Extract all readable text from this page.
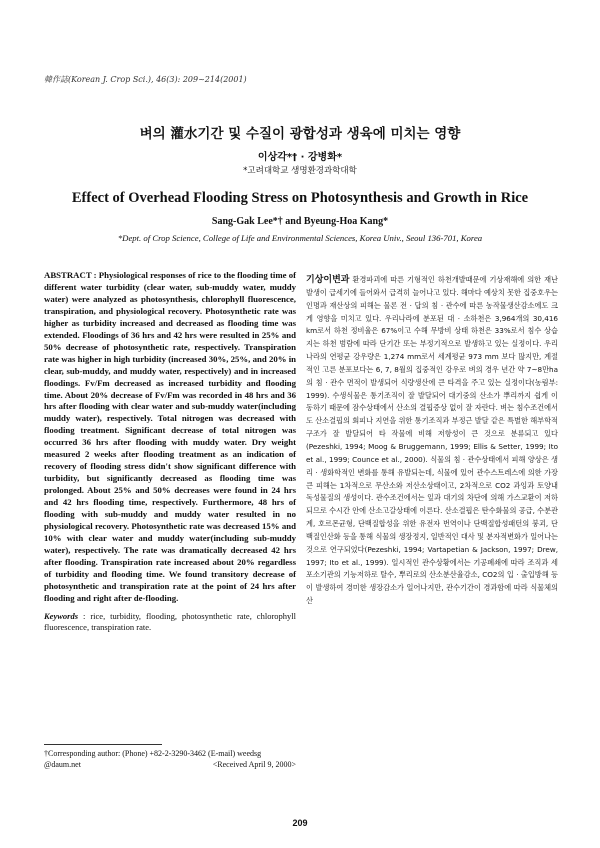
韓作誌(Korean J. Crop Sci.), 46(3): 209~214(2001)
벼의 灌水기간 및 수질이 광합성과 생육에 미치는 영향
이상각*† · 강병화*
*고려대학교 생명환경과학대학
Effect of Overhead Flooding Stress on Photosynthesis and Growth in Rice
Sang-Gak Lee*† and Byeung-Hoa Kang*
*Dept. of Crop Science, College of Life and Environmental Sciences, Korea Univ., Seoul 136-701, Korea

ABSTRACT : Physiological responses of rice to the flooding time of different water turbidity (clear water, sub-muddy water, muddy water) were analyzed as photosynthesis, chlorophyll fluorescence, transpiration, and physiological recovery. Photosynthetic rate was higher as turbidity increased and decreased as flooding time was extended. Floodings of 36 hrs and 42 hrs were resulted in 25% and 50% decrease of photosynthetic rate, respectively. Transpiration rate was higher in high turbidity (increased 30%, 25%, and 20% in clear, sub-muddy, and muddy water, respectively) and in increased floodings. Fv/Fm decreased as increased turbidity and flooding time. About 20% decrease of Fv/Fm was recorded in 48 hrs and 36 hrs after flooding with clear water and sub-muddy water(including muddy water), respectively. Total nitrogen was decreased with flooding treatment. Significant decrease of total nitrogen was occurred 36 hrs after flooding with muddy water. Dry weight measured 2 weeks after flooding treatment as an indication of recovery of flooding stress didn't show significant difference with turbidity, but significantly decreased as flooding time was prolonged. About 25% and 50% decreases were found in 24 hrs and 42 hrs flooding time, respectively. Furthermore, 48 hrs of flooding with sub-muddy and muddy water resulted in no physiological recovery. Photosynthetic rate was decreased 15% and 10% with clear water and muddy water(including sub-muddy water), respectively. The rate was dramatically decreased 42 hrs after flooding. Transpiration rate increased about 20% regardless of turbidity and flooding time. We found transitory decrease of photosynthetic and transpiration rate at the point of 24 hrs after flooding and right after de-flooding.

Keywords : rice, turbidity, flooding, photosynthetic rate, chlorophyll fluorescence, transpiration rate.

†Corresponding author: (Phone) +82-2-3290-3462 (E-mail) weedsg
@daum.net	<Received April 9, 2000>

기상이변과 환경파괴에 따른 기형적인 하천개발때문에 기상재해에 의한 재난 발생이 급세기에 들어와서 급격히 늘어나고 있다. 해마다 예상치 못한 집중호우는 인명과 재산상의 피해는 물론 전 · 답의 침 · 관수에 따른 농작물생산감소에도 크게 영향을 미치고 있다. 우리나라에 분포된 대 · 소하천은 3,964개의 30,416 km로서 하천 정비율은 67%이고 수해 무방비 상태 하천은 33%로서 침수 상습지는 하천 범람에 따라 단기간 또는 부정기적으로 발생하고 있는 실정이다. 우리나라의 연평균 강우량은 1,274 mm로서 세계평균 973 mm 보다 많지만, 계절적인 고른 분포보다는 6, 7, 8월의 집중적인 강우로 벼의 경우 년간 약 7~8만ha의 침 · 관수 면적이 발생되어 식량생산에 큰 타격을 주고 있는 실정이다(농림부: 1999). 수생식물은 통기조직이 잘 발달되어 대기중의 산소가 뿌리까지 쉽게 이동하기 때문에 잠수상태에서 산소의 결핍증상 없이 잘 자란다. 벼는 침수조건에서도 산소결핍의 회피나 지연을 위한 통기조직과 부정근 발달 같은 특별한 해부학적 구조가 잘 발달되어 타 작물에 비해 저항성이 큰 것으로 분류되고 있다(Pezeshki, 1994; Moog & Bruggemann, 1999; Ellis & Setter, 1999; Ito et al., 1999; Counce et al., 2000). 식물의 침 · 관수상태에서 피해 양상은 생리 · 생화학적인 변화를 통해 유발되는데, 식물에 있어 관수스트레스에 의한 가장 큰 피해는 1차적으로 무산소와 저산소상태이고, 2차적으로 CO2 과잉과 토양내 독성물질의 생성이다. 관수조건에서는 잎과 대기의 차단에 의해 가스교환이 저하되므로 수시간 안에 산소고갈상태에 이른다. 산소결핍은 탄수화물의 공급, 수분관계, 호르몬균형, 단백질합성을 위한 유전자 번역이나 단백질합성패턴의 붕괴, 단백질인산화 등을 통해 식물의 생장정지, 일반적인 대사 및 분자적변화가 일어나는 것으로 연구되었다(Pezeshki, 1994; Vartapetian & Jackson, 1997; Drew, 1997; Ito et al., 1999). 일시적인 관수상황에서는 기공폐쇄에 따라 조직과 세포소기관의 기능저하로 탈수, 뿌리로의 산소분산율감소, CO2의 입 · 출입방해 등이 발생하여 경미한 생장감소가 일어나지만, 관수기간이 경과함에 따라 식물체의 산

209
